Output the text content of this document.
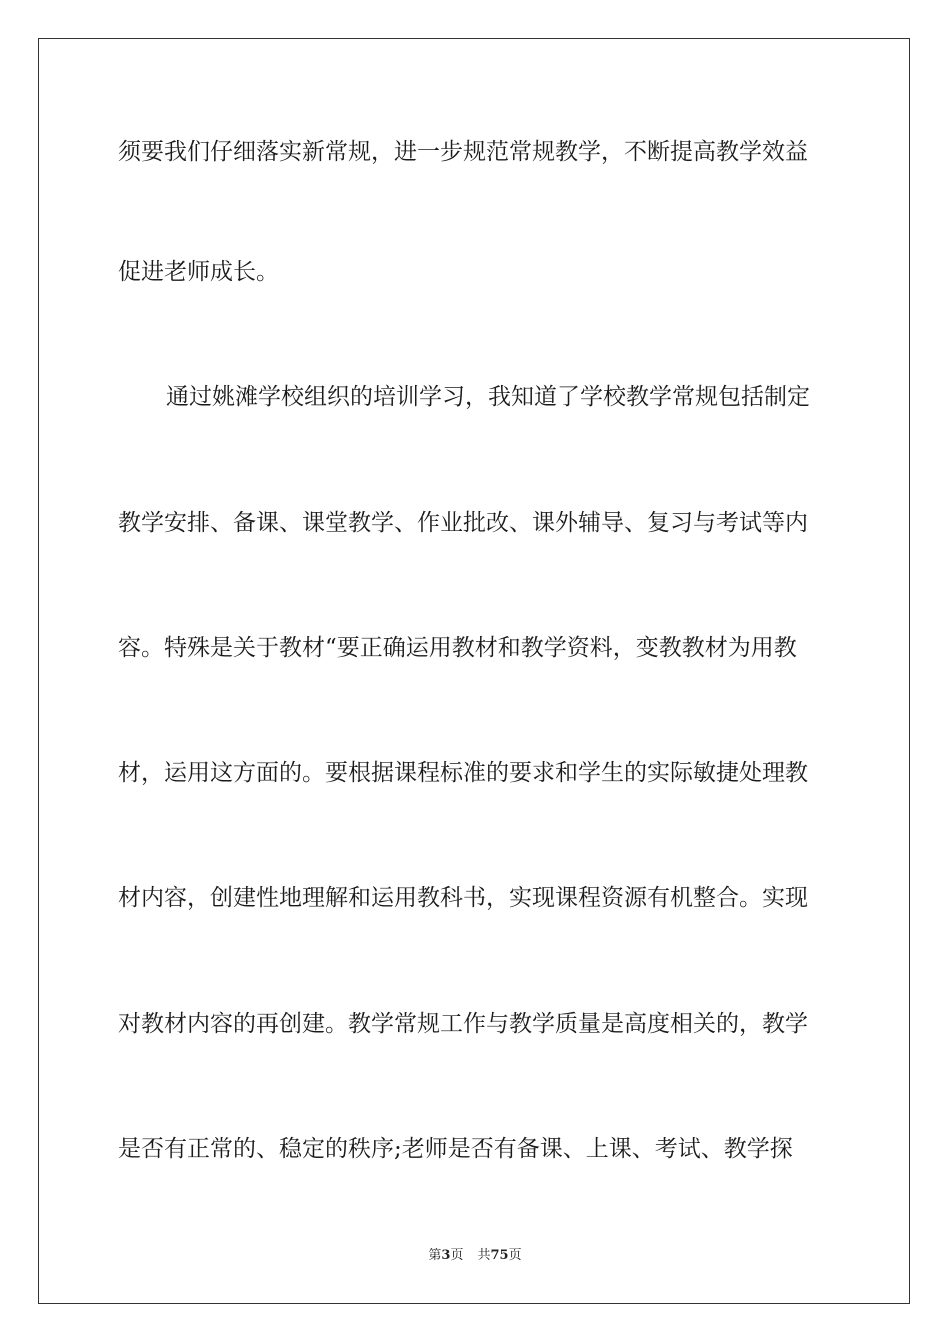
须要我们仔细落实新常规，进一步规范常规教学，不断提高教学效益
促进老师成长。
通过姚滩学校组织的培训学习，我知道了学校教学常规包括制定
教学安排、备课、课堂教学、作业批改、课外辅导、复习与考试等内
容。特殊是关于教材“要正确运用教材和教学资料，变教教材为用教
材，运用这方面的。要根据课程标准的要求和学生的实际敏捷处理教
材内容，创建性地理解和运用教科书，实现课程资源有机整合。实现
对教材内容的再创建。教学常规工作与教学质量是高度相关的，教学
是否有正常的、稳定的秩序;老师是否有备课、上课、考试、教学探
第3页 共75页
